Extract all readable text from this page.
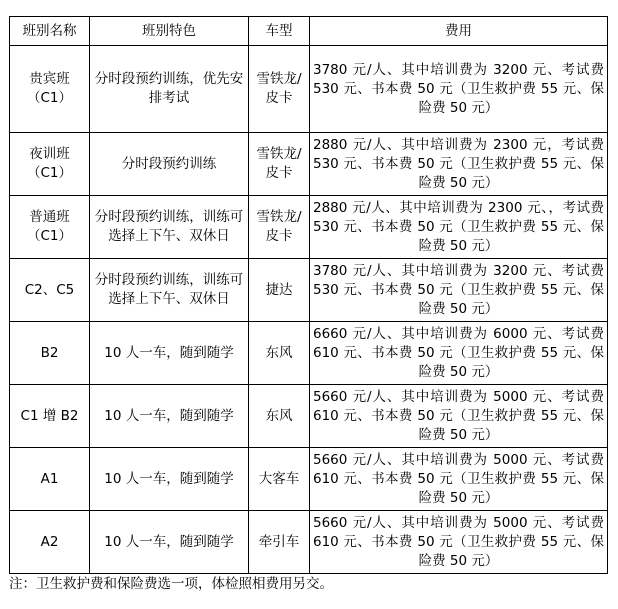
班别名称	班别特色	车型	费用
贵宾班（C1）	分时段预约训练，优先安排考试	雪铁龙/皮卡	3780 元/人、其中培训费为 3200 元、考试费 530 元、书本费 50 元（卫生救护费 55 元、保险费 50 元）
夜训班（C1）	分时段预约训练	雪铁龙/皮卡	2880 元/人、其中培训费为 2300 元，考试费 530 元、书本费 50 元（卫生救护费 55 元、保险费 50 元）
普通班（C1）	分时段预约训练，训练可选择上下午、双休日	雪铁龙/皮卡	2880 元/人、其中培训费为 2300 元、，考试费 530 元、书本费 50 元（卫生救护费 55 元、保险费 50 元）
C2、C5	分时段预约训练，训练可选择上下午、双休日	捷达	3780 元/人、其中培训费为 3200 元、考试费 530 元、书本费 50 元（卫生救护费 55 元、保险费 50 元）
B2	10 人一车，随到随学	东风	6660 元/人、其中培训费为 6000 元、考试费 610 元、书本费 50 元（卫生救护费 55 元、保险费 50 元）
C1 增 B2	10 人一车，随到随学	东风	5660 元/人、其中培训费为 5000 元、考试费 610 元、书本费 50 元（卫生救护费 55 元、保险费 50 元）
A1	10 人一车，随到随学	大客车	5660 元/人、其中培训费为 5000 元、考试费 610 元、书本费 50 元（卫生救护费 55 元、保险费 50 元）
A2	10 人一车，随到随学	牵引车	5660 元/人、其中培训费为 5000 元、考试费 610 元、书本费 50 元（卫生救护费 55 元、保险费 50 元）
注：卫生救护费和保险费选一项，体检照相费用另交。
